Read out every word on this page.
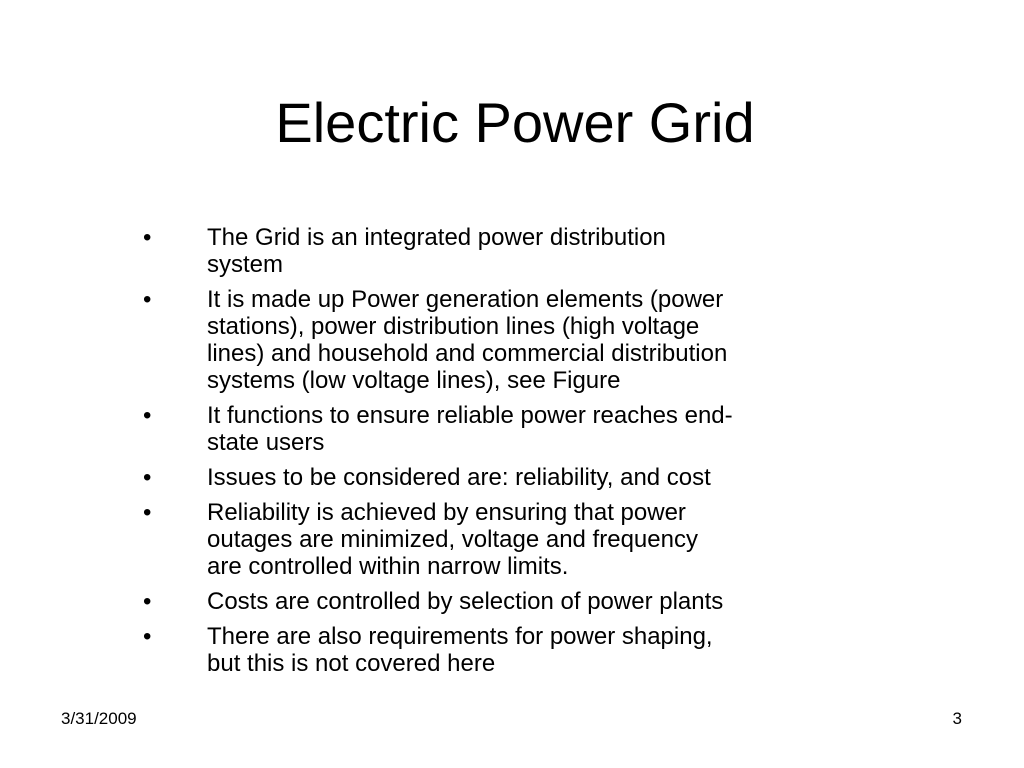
Electric Power Grid
•	The Grid is an integrated power distribution
system
•	It is made up Power generation elements (power
stations), power distribution lines (high voltage
lines) and household and commercial distribution
systems (low voltage lines), see Figure
•	It functions to ensure reliable power reaches end-
state users
•	Issues to be considered are: reliability, and cost
•	Reliability is achieved by ensuring that power
outages are minimized, voltage and frequency
are controlled within narrow limits.
•	Costs are controlled by selection of power plants
•	There are also requirements for power shaping,
but this is not covered here
3/31/2009	3
